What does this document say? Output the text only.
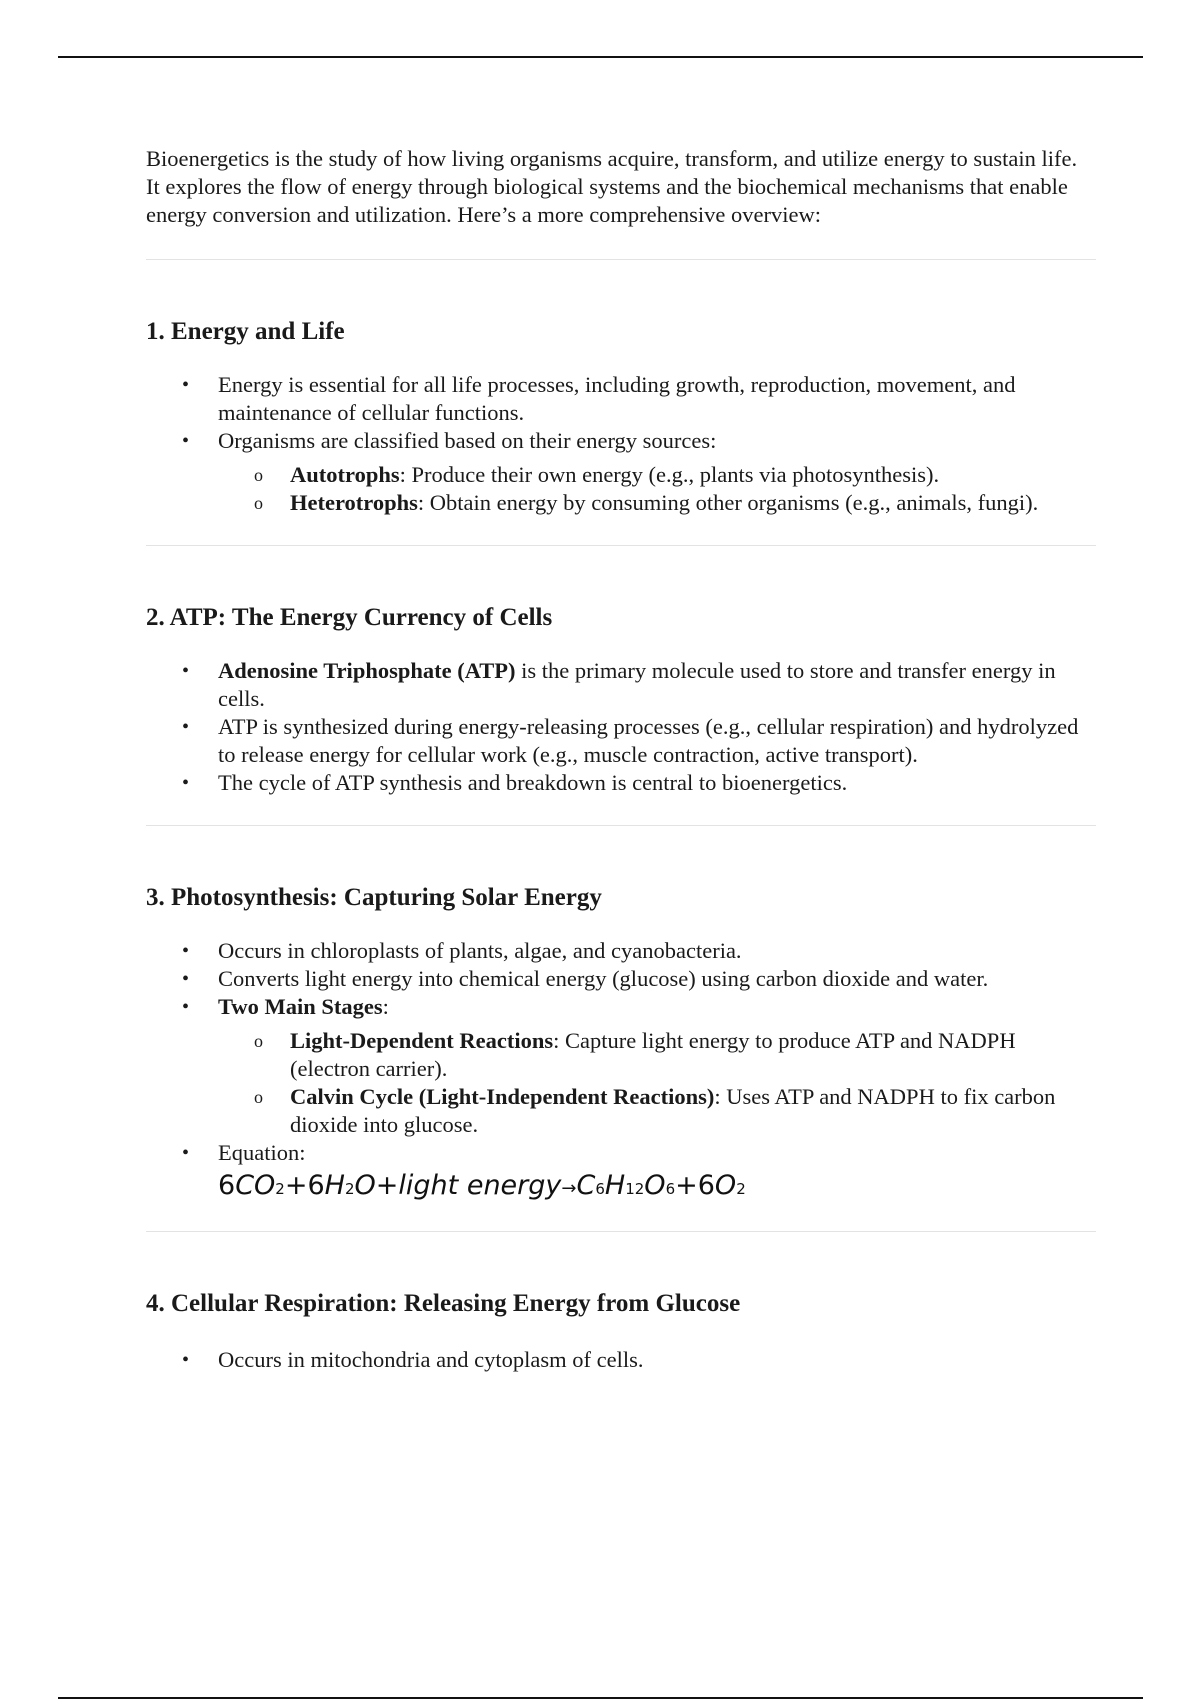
Bioenergetics is the study of how living organisms acquire, transform, and utilize energy to sustain life. It explores the flow of energy through biological systems and the biochemical mechanisms that enable energy conversion and utilization. Here’s a more comprehensive overview:

1. Energy and Life
• Energy is essential for all life processes, including growth, reproduction, movement, and maintenance of cellular functions.
• Organisms are classified based on their energy sources:
o Autotrophs: Produce their own energy (e.g., plants via photosynthesis).
o Heterotrophs: Obtain energy by consuming other organisms (e.g., animals, fungi).
2. ATP: The Energy Currency of Cells
• Adenosine Triphosphate (ATP) is the primary molecule used to store and transfer energy in cells.
• ATP is synthesized during energy-releasing processes (e.g., cellular respiration) and hydrolyzed to release energy for cellular work (e.g., muscle contraction, active transport).
• The cycle of ATP synthesis and breakdown is central to bioenergetics.
3. Photosynthesis: Capturing Solar Energy
• Occurs in chloroplasts of plants, algae, and cyanobacteria.
• Converts light energy into chemical energy (glucose) using carbon dioxide and water.
• Two Main Stages:
o Light-Dependent Reactions: Capture light energy to produce ATP and NADPH (electron carrier).
o Calvin Cycle (Light-Independent Reactions): Uses ATP and NADPH to fix carbon dioxide into glucose.
• Equation:
6CO2+6H2O+light energy→C6H12O6+6O2
4. Cellular Respiration: Releasing Energy from Glucose
• Occurs in mitochondria and cytoplasm of cells.
